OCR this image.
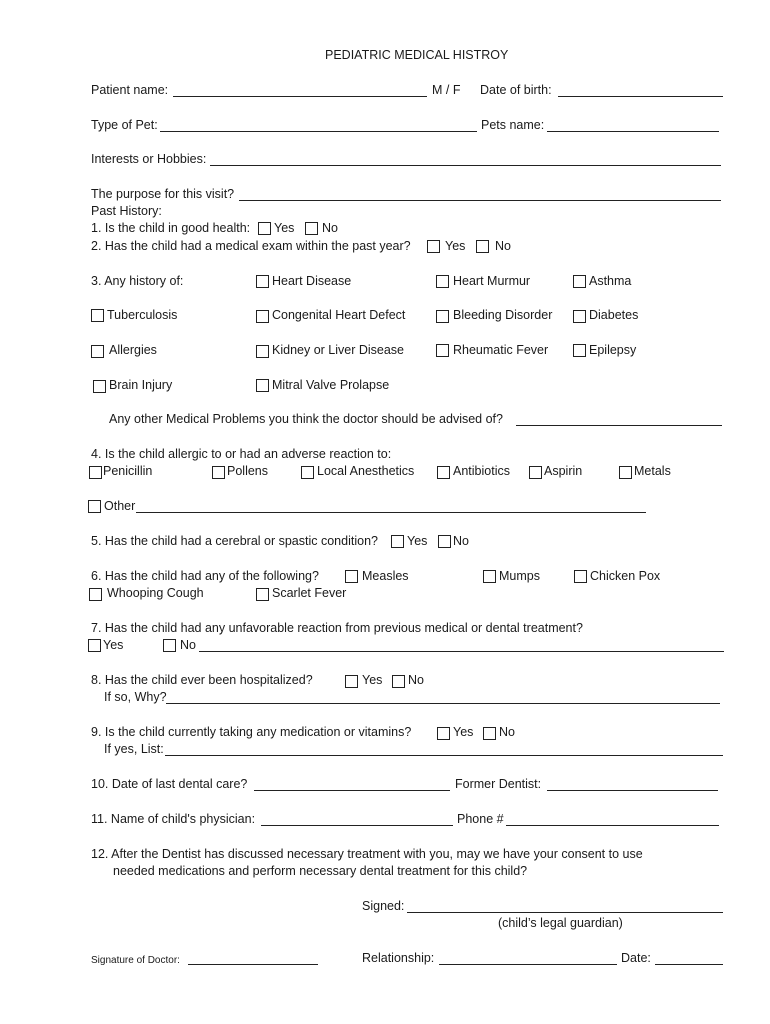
PEDIATRIC MEDICAL HISTROY
Patient name:	M / F Date of birth:
Type of Pet:	Pets name:
Interests or Hobbies:
The purpose for this visit?
Past History:
1. Is the child in good health: Yes No
2. Has the child had a medical exam within the past year?	Yes No
3. Any history of:	Heart Disease	Heart Murmur	Asthma
Tuberculosis	Congenital Heart Defect	Bleeding Disorder	Diabetes
Allergies	Kidney or Liver Disease	Rheumatic Fever	Epilepsy
Brain Injury	Mitral Valve Prolapse
Any other Medical Problems you think the doctor should be advised of?
4. Is the child allergic to or had an adverse reaction to:
Penicillin	Pollens	Local Anesthetics	Antibiotics	Aspirin	Metals
Other
5. Has the child had a cerebral or spastic condition? Yes No
6. Has the child had any of the following?	Measles	Mumps	Chicken Pox
Whooping Cough	Scarlet Fever
7. Has the child had any unfavorable reaction from previous medical or dental treatment?
Yes	No
8. Has the child ever been hospitalized?	Yes No
If so, Why?
9. Is the child currently taking any medication or vitamins?	Yes No
If yes, List:
10. Date of last dental care?	Former Dentist:
11. Name of child's physician:	Phone #
12. After the Dentist has discussed necessary treatment with you, may we have your consent to use
needed medications and perform necessary dental treatment for this child?
Signed:
(child’s legal guardian)
Signature of Doctor:	Relationship:	Date:
